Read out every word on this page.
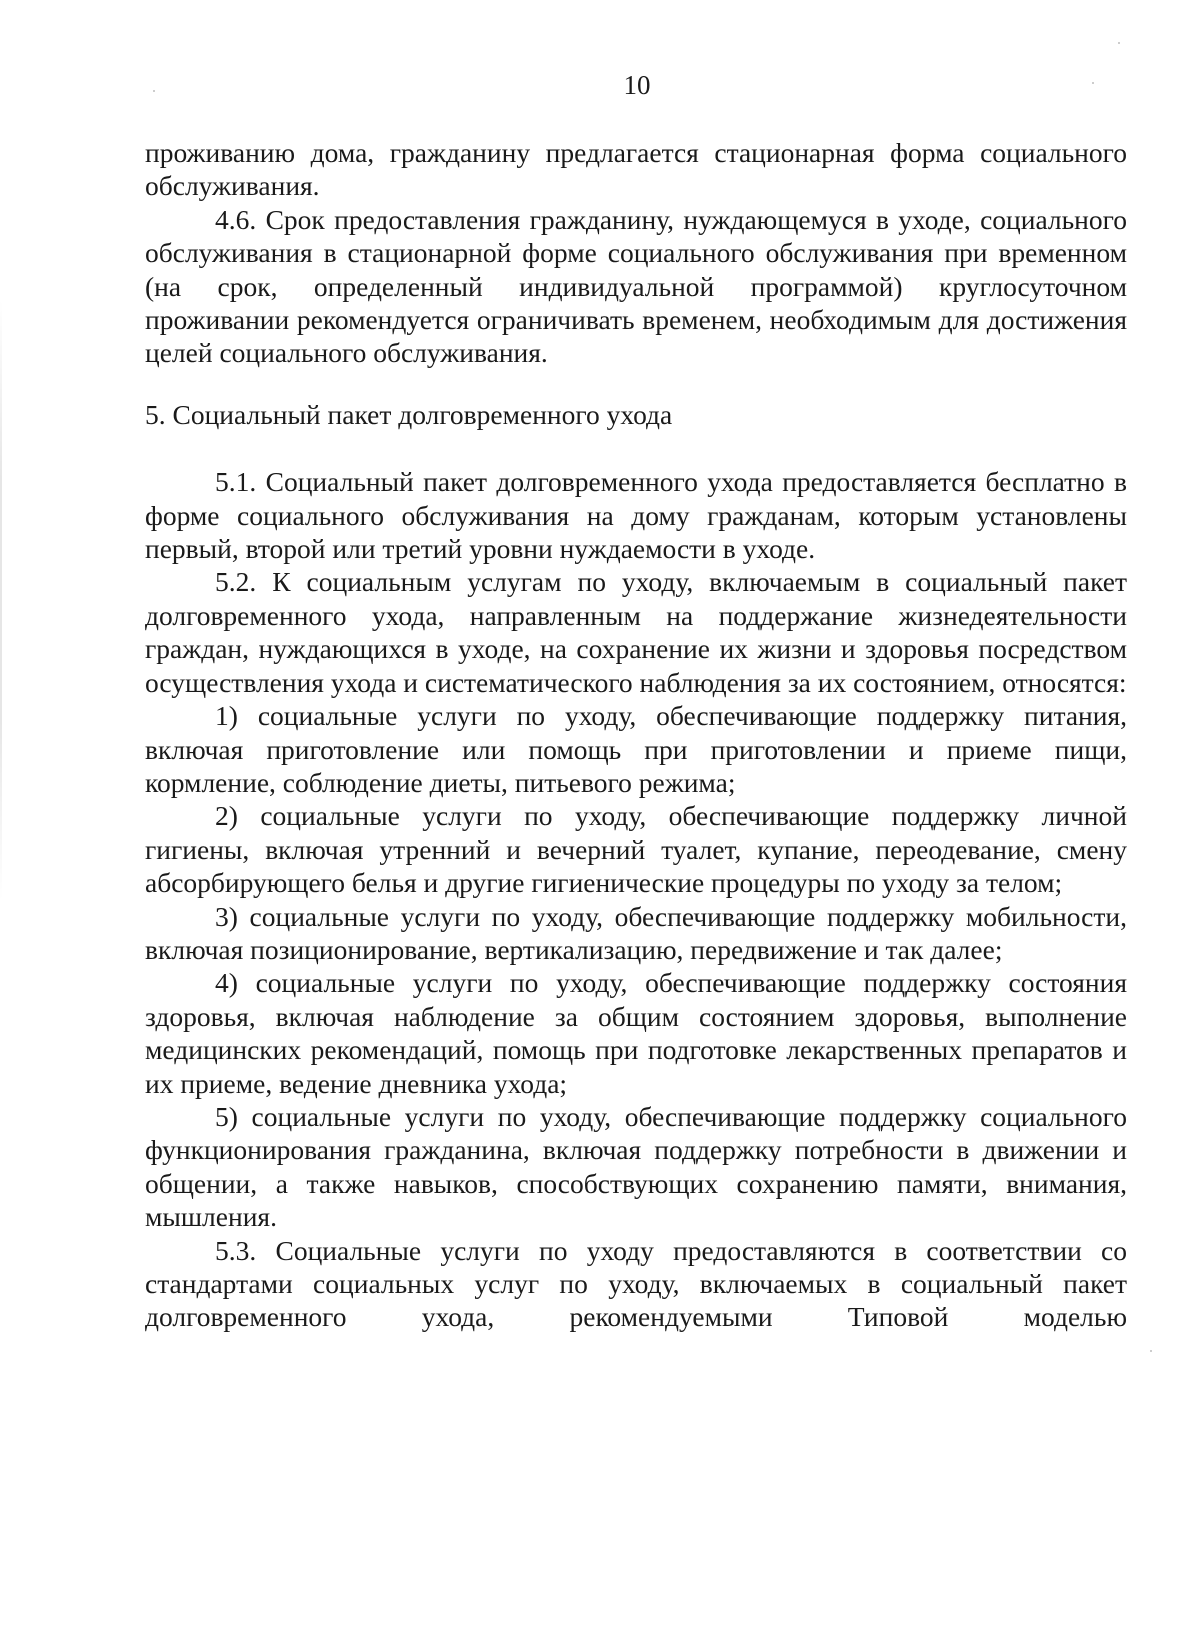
10

проживанию дома, гражданину предлагается стационарная форма социального обслуживания.

4.6. Срок предоставления гражданину, нуждающемуся в уходе, социального обслуживания в стационарной форме социального обслуживания при временном (на срок, определенный индивидуальной программой) круглосуточном проживании рекомендуется ограничивать временем, необходимым для достижения целей социального обслуживания.

5. Социальный пакет долговременного ухода

5.1. Социальный пакет долговременного ухода предоставляется бесплатно в форме социального обслуживания на дому гражданам, которым установлены первый, второй или третий уровни нуждаемости в уходе.

5.2. К социальным услугам по уходу, включаемым в социальный пакет долговременного ухода, направленным на поддержание жизнедеятельности граждан, нуждающихся в уходе, на сохранение их жизни и здоровья посредством осуществления ухода и систематического наблюдения за их состоянием, относятся:

1) социальные услуги по уходу, обеспечивающие поддержку питания, включая приготовление или помощь при приготовлении и приеме пищи, кормление, соблюдение диеты, питьевого режима;

2) социальные услуги по уходу, обеспечивающие поддержку личной гигиены, включая утренний и вечерний туалет, купание, переодевание, смену абсорбирующего белья и другие гигиенические процедуры по уходу за телом;

3) социальные услуги по уходу, обеспечивающие поддержку мобильности, включая позиционирование, вертикализацию, передвижение и так далее;

4) социальные услуги по уходу, обеспечивающие поддержку состояния здоровья, включая наблюдение за общим состоянием здоровья, выполнение медицинских рекомендаций, помощь при подготовке лекарственных препаратов и их приеме, ведение дневника ухода;

5) социальные услуги по уходу, обеспечивающие поддержку социального функционирования гражданина, включая поддержку потребности в движении и общении, а также навыков, способствующих сохранению памяти, внимания, мышления.

5.3. Социальные услуги по уходу предоставляются в соответствии со стандартами социальных услуг по уходу, включаемых в социальный пакет долговременного ухода, рекомендуемыми Типовой моделью
